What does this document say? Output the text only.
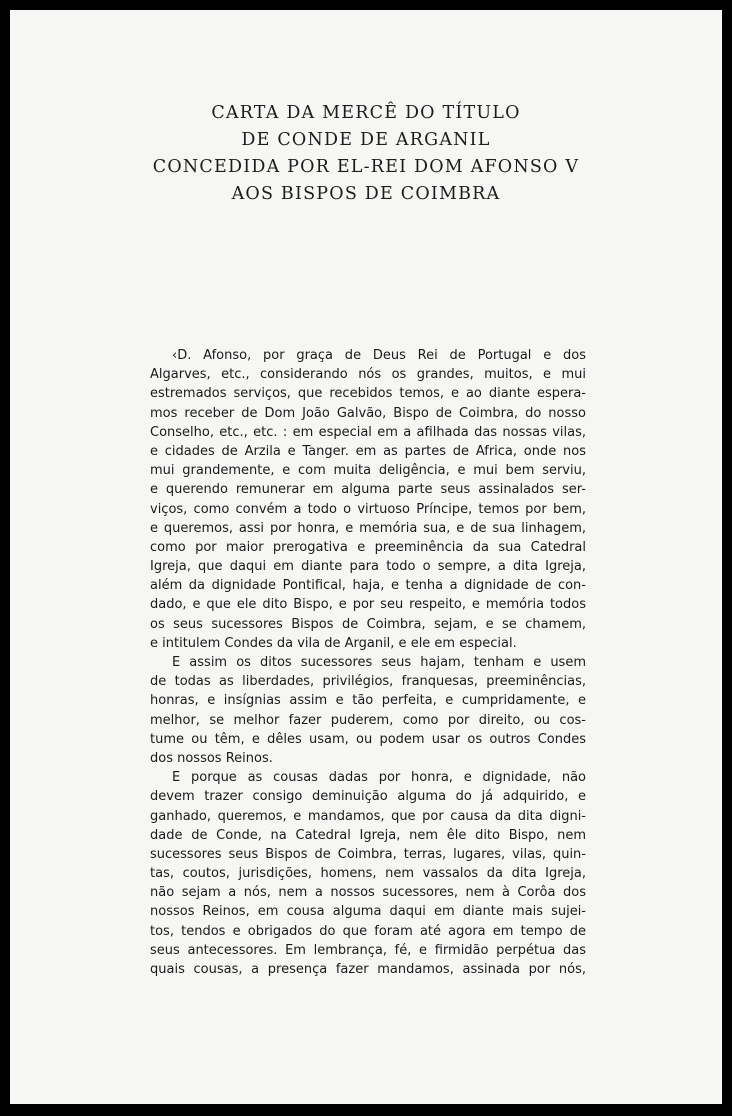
CARTA DA MERCÊ DO TÍTULO
DE CONDE DE ARGANIL
CONCEDIDA POR EL-REI DOM AFONSO V
AOS BISPOS DE COIMBRA
‹D. Afonso, por graça de Deus Rei de Portugal e dos
Algarves, etc., considerando nós os grandes, muitos, e mui
estremados serviços, que recebidos temos, e ao diante espera-
mos receber de Dom João Galvão, Bispo de Coimbra, do nosso
Conselho, etc., etc. : em especial em a afilhada das nossas vilas,
e cidades de Arzila e Tanger. em as partes de Africa, onde nos
mui grandemente, e com muita deligência, e mui bem serviu,
e querendo remunerar em alguma parte seus assinalados ser-
viços, como convém a todo o virtuoso Príncipe, temos por bem,
e queremos, assi por honra, e memória sua, e de sua linhagem,
como por maior prerogativa e preeminência da sua Catedral
Igreja, que daqui em diante para todo o sempre, a dita Igreja,
além da dignidade Pontifical, haja, e tenha a dignidade de con-
dado, e que ele dito Bispo, e por seu respeito, e memória todos
os seus sucessores Bispos de Coimbra, sejam, e se chamem,
e intitulem Condes da vila de Arganil, e ele em especial.
E assim os ditos sucessores seus hajam, tenham e usem
de todas as liberdades, privilégios, franquesas, preeminências,
honras, e insígnias assim e tão perfeita, e cumpridamente, e
melhor, se melhor fazer puderem, como por direito, ou cos-
tume ou têm, e dêles usam, ou podem usar os outros Condes
dos nossos Reinos.
E porque as cousas dadas por honra, e dignidade, não
devem trazer consigo deminuição alguma do já adquirido, e
ganhado, queremos, e mandamos, que por causa da dita digni-
dade de Conde, na Catedral Igreja, nem êle dito Bispo, nem
sucessores seus Bispos de Coimbra, terras, lugares, vilas, quin-
tas, coutos, jurisdições, homens, nem vassalos da dita Igreja,
não sejam a nós, nem a nossos sucessores, nem à Corôa dos
nossos Reinos, em cousa alguma daqui em diante mais sujei-
tos, tendos e obrigados do que foram até agora em tempo de
seus antecessores. Em lembrança, fé, e firmidão perpétua das
quais cousas, a presença fazer mandamos, assinada por nós,
